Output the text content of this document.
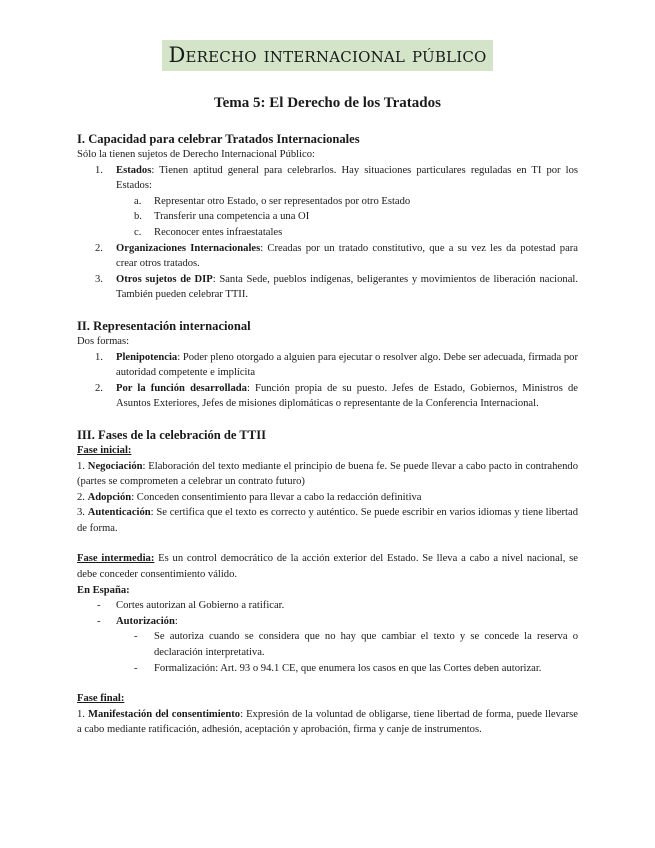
Derecho internacional público
Tema 5: El Derecho de los Tratados
I. Capacidad para celebrar Tratados Internacionales

Sólo la tienen sujetos de Derecho Internacional Público:

1. Estados: Tienen aptitud general para celebrarlos. Hay situaciones particulares reguladas en TI por los Estados:
a. Representar otro Estado, o ser representados por otro Estado
b. Transferir una competencia a una OI
c. Reconocer entes infraestatales
2. Organizaciones Internacionales: Creadas por un tratado constitutivo, que a su vez les da potestad para crear otros tratados.
3. Otros sujetos de DIP: Santa Sede, pueblos indígenas, beligerantes y movimientos de liberación nacional. También pueden celebrar TTII.
II. Representación internacional

Dos formas:

1. Plenipotencia: Poder pleno otorgado a alguien para ejecutar o resolver algo. Debe ser adecuada, firmada por autoridad competente e implícita
2. Por la función desarrollada: Función propia de su puesto. Jefes de Estado, Gobiernos, Ministros de Asuntos Exteriores, Jefes de misiones diplomáticas o representante de la Conferencia Internacional.
III. Fases de la celebración de TTII

Fase inicial:

1. Negociación: Elaboración del texto mediante el principio de buena fe. Se puede llevar a cabo pacto in contrahendo (partes se comprometen a celebrar un contrato futuro)

2. Adopción: Conceden consentimiento para llevar a cabo la redacción definitiva

3. Autenticación: Se certifica que el texto es correcto y auténtico. Se puede escribir en varios idiomas y tiene libertad de forma.

Fase intermedia: Es un control democrático de la acción exterior del Estado. Se lleva a cabo a nivel nacional, se debe conceder consentimiento válido.

En España:

- Cortes autorizan al Gobierno a ratificar.
- Autorización:
- Se autoriza cuando se considera que no hay que cambiar el texto y se concede la reserva o declaración interpretativa.
- Formalización: Art. 93 o 94.1 CE, que enumera los casos en que las Cortes deben autorizar.

Fase final:

1. Manifestación del consentimiento: Expresión de la voluntad de obligarse, tiene libertad de forma, puede llevarse a cabo mediante ratificación, adhesión, aceptación y aprobación, firma y canje de instrumentos.
